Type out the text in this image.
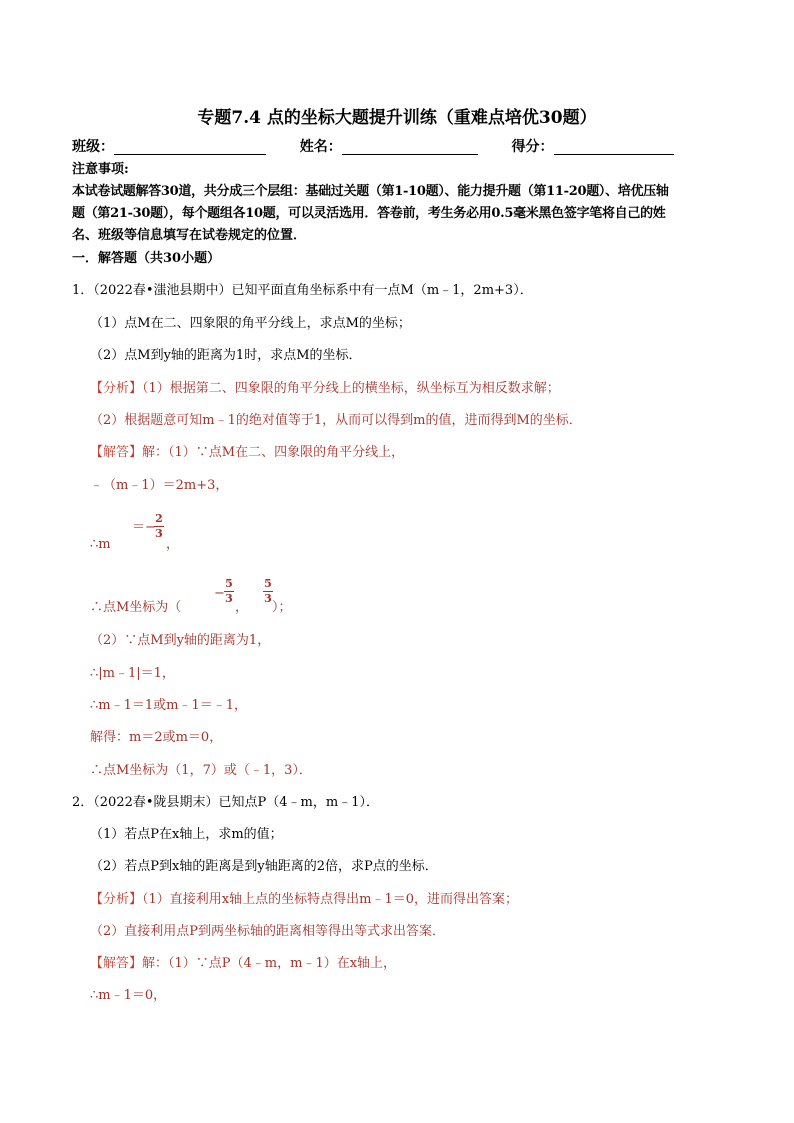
专题7.4 点的坐标大题提升训练（重难点培优30题）
班级：	姓名：	得分：
注意事项:
本试卷试题解答30道，共分成三个层组：基础过关题（第1-10题）、能力提升题（第11-20题）、培优压轴
题（第21-30题），每个题组各10题，可以灵活选用．答卷前，考生务必用0.5毫米黑色签字笔将自己的姓
名、班级等信息填写在试卷规定的位置．
一．解答题（共30小题）
1．（2022春•滍池县期中）已知平面直角坐标系中有一点M（m﹣1，2m+3）．
（1）点M在二、四象限的角平分线上，求点M的坐标；
（2）点M到y轴的距离为1时，求点M的坐标．
【分析】（1）根据第二、四象限的角平分线上的横坐标，纵坐标互为相反数求解；
（2）根据题意可知m﹣1的绝对值等于1，从而可以得到m的值，进而得到M的坐标．
【解答】解：（1）∵点M在二、四象限的角平分线上，
﹣（m﹣1）＝2m+3，
∴m
＝−
2
3
，
∴点M坐标为（
−
5
3
，
5
3
）；
（2）∵点M到y轴的距离为1，
∴|m﹣1|＝1，
∴m﹣1＝1或m﹣1＝﹣1，
解得：m＝2或m＝0，
∴点M坐标为（1，7）或（﹣1，3）．
2．（2022春•陇县期末）已知点P（4﹣m，m﹣1）．
（1）若点P在x轴上，求m的值；
（2）若点P到x轴的距离是到y轴距离的2倍，求P点的坐标．
【分析】（1）直接利用x轴上点的坐标特点得出m﹣1＝0，进而得出答案；
（2）直接利用点P到两坐标轴的距离相等得出等式求出答案．
【解答】解：（1）∵点P（4﹣m，m﹣1）在x轴上，
∴m﹣1＝0，
